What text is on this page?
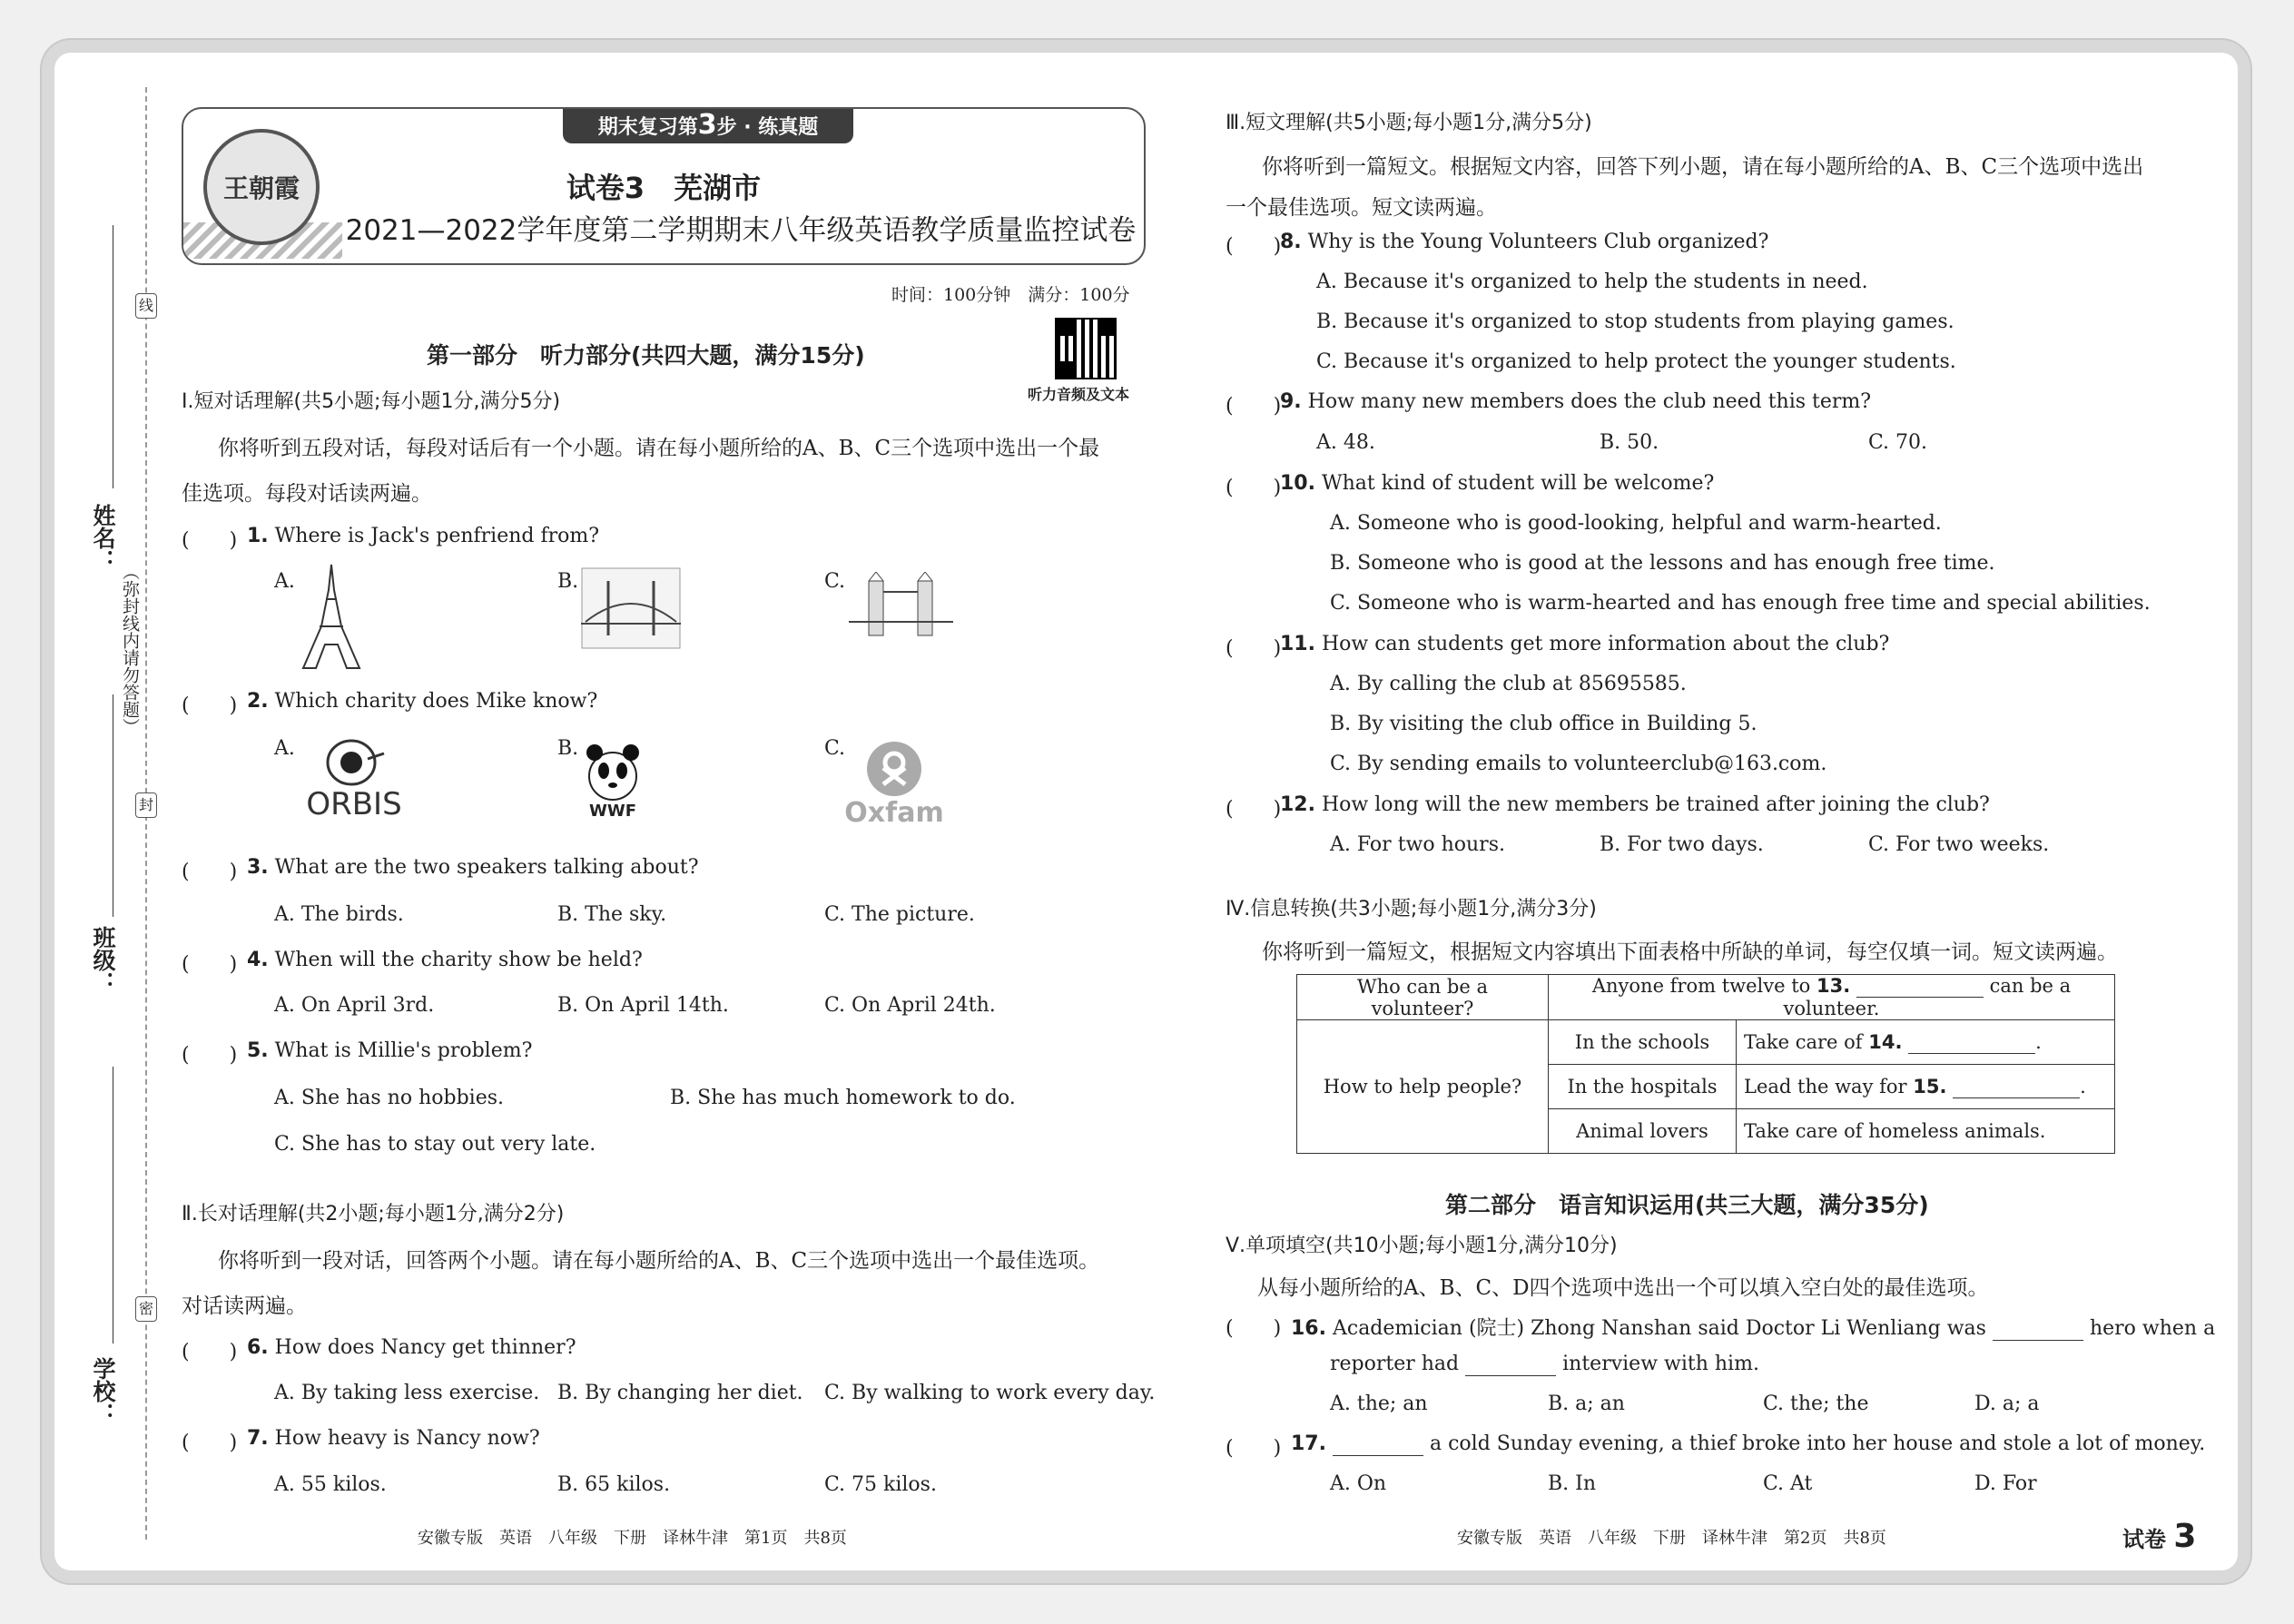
线
封
密
（弥封线内请勿答题）
姓名：
班级：
学校：
王朝霞
期末复习第3步 · 练真题
试卷3　芜湖市
2021—2022学年度第二学期期末八年级英语教学质量监控试卷
时间：100分钟　满分：100分
听力音频及文本
第一部分　听力部分(共四大题，满分15分)
Ⅰ.短对话理解(共5小题;每小题1分,满分5分)
你将听到五段对话，每段对话后有一个小题。请在每小题所给的A、B、C三个选项中选出一个最
佳选项。每段对话读两遍。
(　　) 1. Where is Jack's penfriend from?
A.	B.	C.
(　　) 2. Which charity does Mike know?
A.
ORBIS
B.
WWF
C.
Oxfam
(　　) 3. What are the two speakers talking about?
A. The birds.	B. The sky.	C. The picture.
(　　) 4. When will the charity show be held?
A. On April 3rd.	B. On April 14th.	C. On April 24th.
(　　) 5. What is Millie's problem?
A. She has no hobbies.	B. She has much homework to do.
C. She has to stay out very late.
Ⅱ.长对话理解(共2小题;每小题1分,满分2分)
你将听到一段对话，回答两个小题。请在每小题所给的A、B、C三个选项中选出一个最佳选项。
对话读两遍。
(　　) 6. How does Nancy get thinner?
A. By taking less exercise. B. By changing her diet. C. By walking to work every day.
(　　) 7. How heavy is Nancy now?
A. 55 kilos.	B. 65 kilos.	C. 75 kilos.
安徽专版　英语　八年级　下册　译林牛津　第1页　共8页
Ⅲ.短文理解(共5小题;每小题1分,满分5分)
你将听到一篇短文。根据短文内容，回答下列小题，请在每小题所给的A、B、C三个选项中选出
一个最佳选项。短文读两遍。
(　　)
8. Why is the Young Volunteers Club organized?
A. Because it's organized to help the students in need.
B. Because it's organized to stop students from playing games.
C. Because it's organized to help protect the younger students.
(　　)
9. How many new members does the club need this term?
A. 48.	B. 50.	C. 70.
(　　)
10. What kind of student will be welcome?
A. Someone who is good-looking, helpful and warm-hearted.
B. Someone who is good at the lessons and has enough free time.
C. Someone who is warm-hearted and has enough free time and special abilities.
(　　)
11. How can students get more information about the club?
A. By calling the club at 85695585.
B. By visiting the club office in Building 5.
C. By sending emails to volunteerclub@163.com.
(　　)
12. How long will the new members be trained after joining the club?
A. For two hours.	B. For two days.	C. For two weeks.
Ⅳ.信息转换(共3小题;每小题1分,满分3分)
你将听到一篇短文，根据短文内容填出下面表格中所缺的单词，每空仅填一词。短文读两遍。
Who can be a volunteer?	Anyone from twelve to 13. can be a volunteer.	
How to help people?	In the schools	Take care of 14. .
	In the hospitals	Lead the way for 15. .
	Animal lovers	Take care of homeless animals.
第二部分　语言知识运用(共三大题，满分35分)
Ⅴ.单项填空(共10小题;每小题1分,满分10分)
从每小题所给的A、B、C、D四个选项中选出一个可以填入空白处的最佳选项。
(　　) 16. Academician (院士) Zhong Nanshan said Doctor Li Wenliang was	hero when a
reporter had	interview with him.
A. the; an	B. a; an	C. the; the	D. a; a
(　　) 17.	a cold Sunday evening, a thief broke into her house and stole a lot of money.
A. On	B. In	C. At	D. For
安徽专版　英语　八年级　下册　译林牛津　第2页　共8页	试卷 3
